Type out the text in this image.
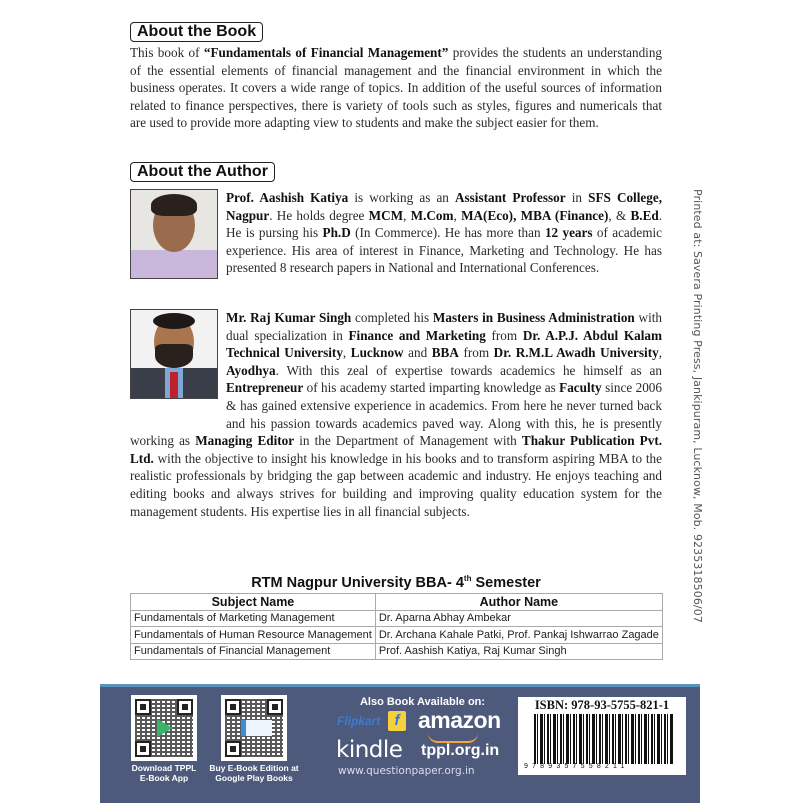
About the Book
This book of “Fundamentals of Financial Management” provides the students an understanding of the essential elements of financial management and the financial environment in which the business operates. It covers a wide range of topics. In addition of the useful sources of information related to finance perspectives, there is variety of tools such as styles, figures and numericals that are used to provide more adapting view to students and make the subject easier for them.
About the Author
Prof. Aashish Katiya is working as an Assistant Professor in SFS College, Nagpur. He holds degree MCM, M.Com, MA(Eco), MBA (Finance), & B.Ed. He is pursing his Ph.D (In Commerce). He has more than 12 years of academic experience. His area of interest in Finance, Marketing and Technology. He has presented 8 research papers in National and International Conferences.
Mr. Raj Kumar Singh completed his Masters in Business Administration with dual specialization in Finance and Marketing from Dr. A.P.J. Abdul Kalam Technical University, Lucknow and BBA from Dr. R.M.L Awadh University, Ayodhya. With this zeal of expertise towards academics he himself as an Entrepreneur of his academy started imparting knowledge as Faculty since 2006 & has gained extensive experience in academics. From here he never turned back and his passion towards academics paved way. Along with this, he is presently working as Managing Editor in the Department of Management with Thakur Publication Pvt. Ltd. with the objective to insight his knowledge in his books and to transform aspiring MBA to the realistic professionals by bridging the gap between academic and industry. He enjoys teaching and editing books and always strives for building and improving quality education system for the management students. His expertise lies in all financial subjects.	Printed at: Savera Printing Press, Jankipuram, Lucknow, Mob. 9235318506/07
RTM Nagpur University BBA- 4th Semester
Subject Name	Author Name
Fundamentals of Marketing Management	Dr. Aparna Abhay Ambekar
Fundamentals of Human Resource Management	Dr. Archana Kahale Patki, Prof. Pankaj Ishwarrao Zagade
Fundamentals of Financial Management	Prof. Aashish Katiya, Raj Kumar Singh
Download TPPL
E-Book App
Buy E-Book Edition at
Google Play Books
Also Book Available on:
Flipkart f amazon
kindle tppl.org.in
www.questionpaper.org.in
ISBN: 978-93-5755-821-1
9789357558211
